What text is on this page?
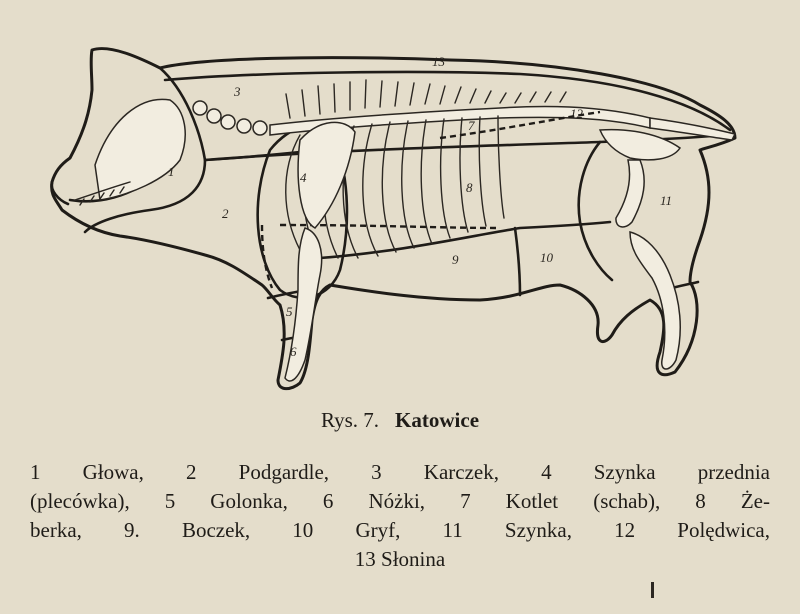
1
2
3
4
5
6
7
8
9	10
11
12
13
Rys. 7. Katowice
1 Głowa, 2 Podgardle, 3 Karczek, 4 Szynka przednia
(plecówka), 5 Golonka, 6 Nóżki, 7 Kotlet (schab), 8 Że-
berka, 9. Boczek, 10 Gryf, 11 Szynka, 12 Polędwica,
13 Słonina
